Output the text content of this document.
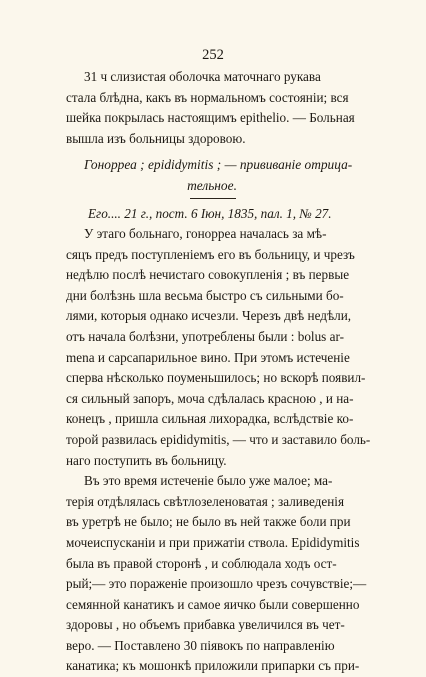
252
31 ч слизистая оболочка маточнаго рукава
стала блѣдна, какъ въ нормальномъ состояніи; вся
шейка покрылась настоящимъ epithelio. — Больная
вышла изъ больницы здоровою.
Гонорреа ; epididymitis ; — прививаніе отрица-
тельное.
Его.... 21 г., пост. 6 Iюн, 1835, пал. 1, № 27.
У этаго больнаго, гонорреа началась за мѣ-
сяцъ предъ поступленіемъ его въ больницу, и чрезъ
недѣлю послѣ нечистаго совокупленія ; въ первые
дни болѣзнь шла весьма быстро съ сильными бо-
лями, которыя однако исчезли. Черезъ двѣ недѣли,
отъ начала болѣзни, употреблены были : bolus ar-
mena и сарсапарильное вино. При этомъ истеченіе
сперва нѣсколько поуменьшилось; но вскорѣ появил-
ся сильный запоръ, моча сдѣлалась красною , и на-
конецъ , пришла сильная лихорадка, вслѣдствіе ко-
торой развилась epididymitis, — что и заставило боль-
наго поступить въ больницу.
Въ это время истеченіе было уже малое; ма-
терія отдѣлялась свѣтлозеленоватая ; заливеденія
въ уретрѣ не было; не было въ ней также боли при
мочеиспусканіи и при прижатіи ствола. Epididymitis
была въ правой сторонѣ , и соблюдала ходъ ост-
рый;— это пораженіе произошло чрезъ сочувствіе;—
семянной канатикъ и самое яичко были совершенно
здоровы , но объемъ прибавка увеличился въ чет-
веро. — Поставлено 30 піявокъ по направленію
канатика; къ мошонкѣ приложили припарки съ при-
